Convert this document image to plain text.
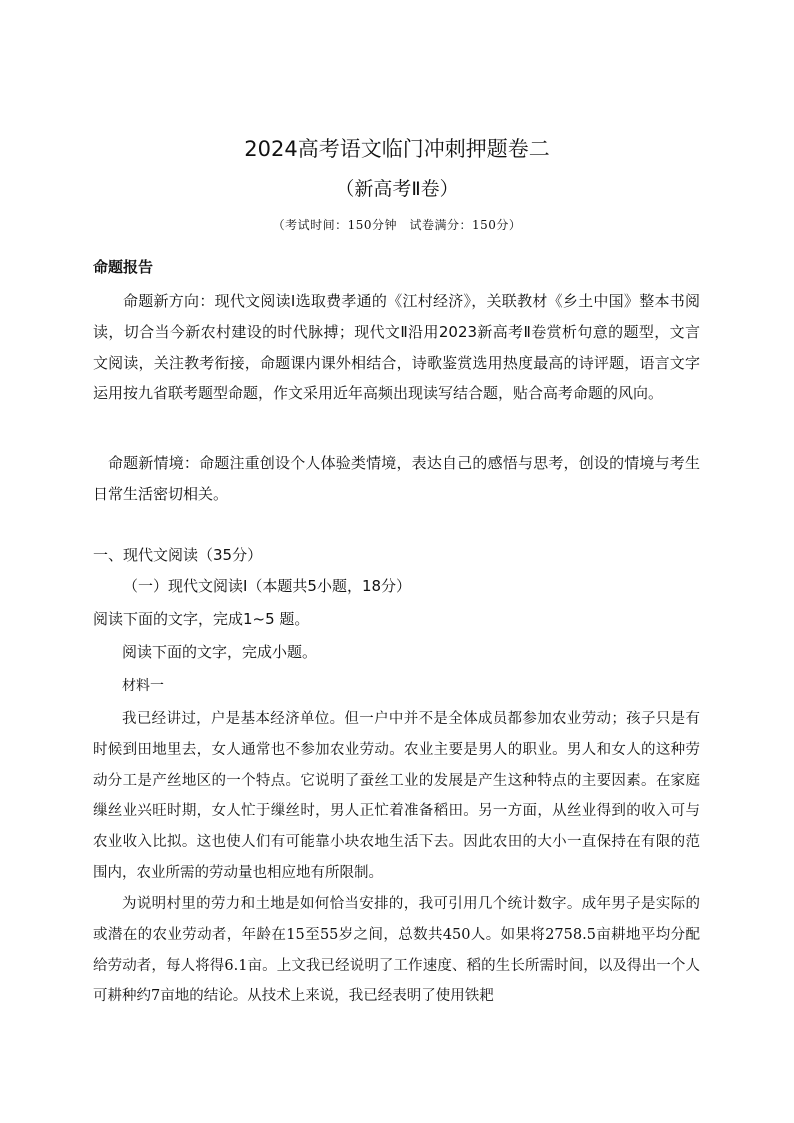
2024高考语文临门冲刺押题卷二
（新高考Ⅱ卷）
（考试时间：150分钟　试卷满分：150分）
命题报告

命题新方向：现代文阅读Ⅰ选取费孝通的《江村经济》，关联教材《乡土中国》整本书阅读，切合当今新农村建设的时代脉搏；现代文Ⅱ沿用2023新高考Ⅱ卷赏析句意的题型，文言文阅读，关注教考衔接，命题课内课外相结合，诗歌鉴赏选用热度最高的诗评题，语言文字运用按九省联考题型命题，作文采用近年高频出现读写结合题，贴合高考命题的风向。

命题新情境：命题注重创设个人体验类情境，表达自己的感悟与思考，创设的情境与考生日常生活密切相关。

一、现代文阅读（35分）
（一）现代文阅读Ⅰ（本题共5小题，18分）
阅读下面的文字，完成1~5 题。
阅读下面的文字，完成小题。
材料一

我已经讲过，户是基本经济单位。但一户中并不是全体成员都参加农业劳动；孩子只是有时候到田地里去，女人通常也不参加农业劳动。农业主要是男人的职业。男人和女人的这种劳动分工是产丝地区的一个特点。它说明了蚕丝工业的发展是产生这种特点的主要因素。在家庭缫丝业兴旺时期，女人忙于缫丝时，男人正忙着准备稻田。另一方面，从丝业得到的收入可与农业收入比拟。这也使人们有可能靠小块农地生活下去。因此农田的大小一直保持在有限的范围内，农业所需的劳动量也相应地有所限制。

为说明村里的劳力和土地是如何恰当安排的，我可引用几个统计数字。成年男子是实际的或潜在的农业劳动者，年龄在15至55岁之间，总数共450人。如果将2758.5亩耕地平均分配给劳动者，每人将得6.1亩。上文我已经说明了工作速度、稻的生长所需时间，以及得出一个人可耕种约7亩地的结论。从技术上来说，我已经表明了使用铁耙
